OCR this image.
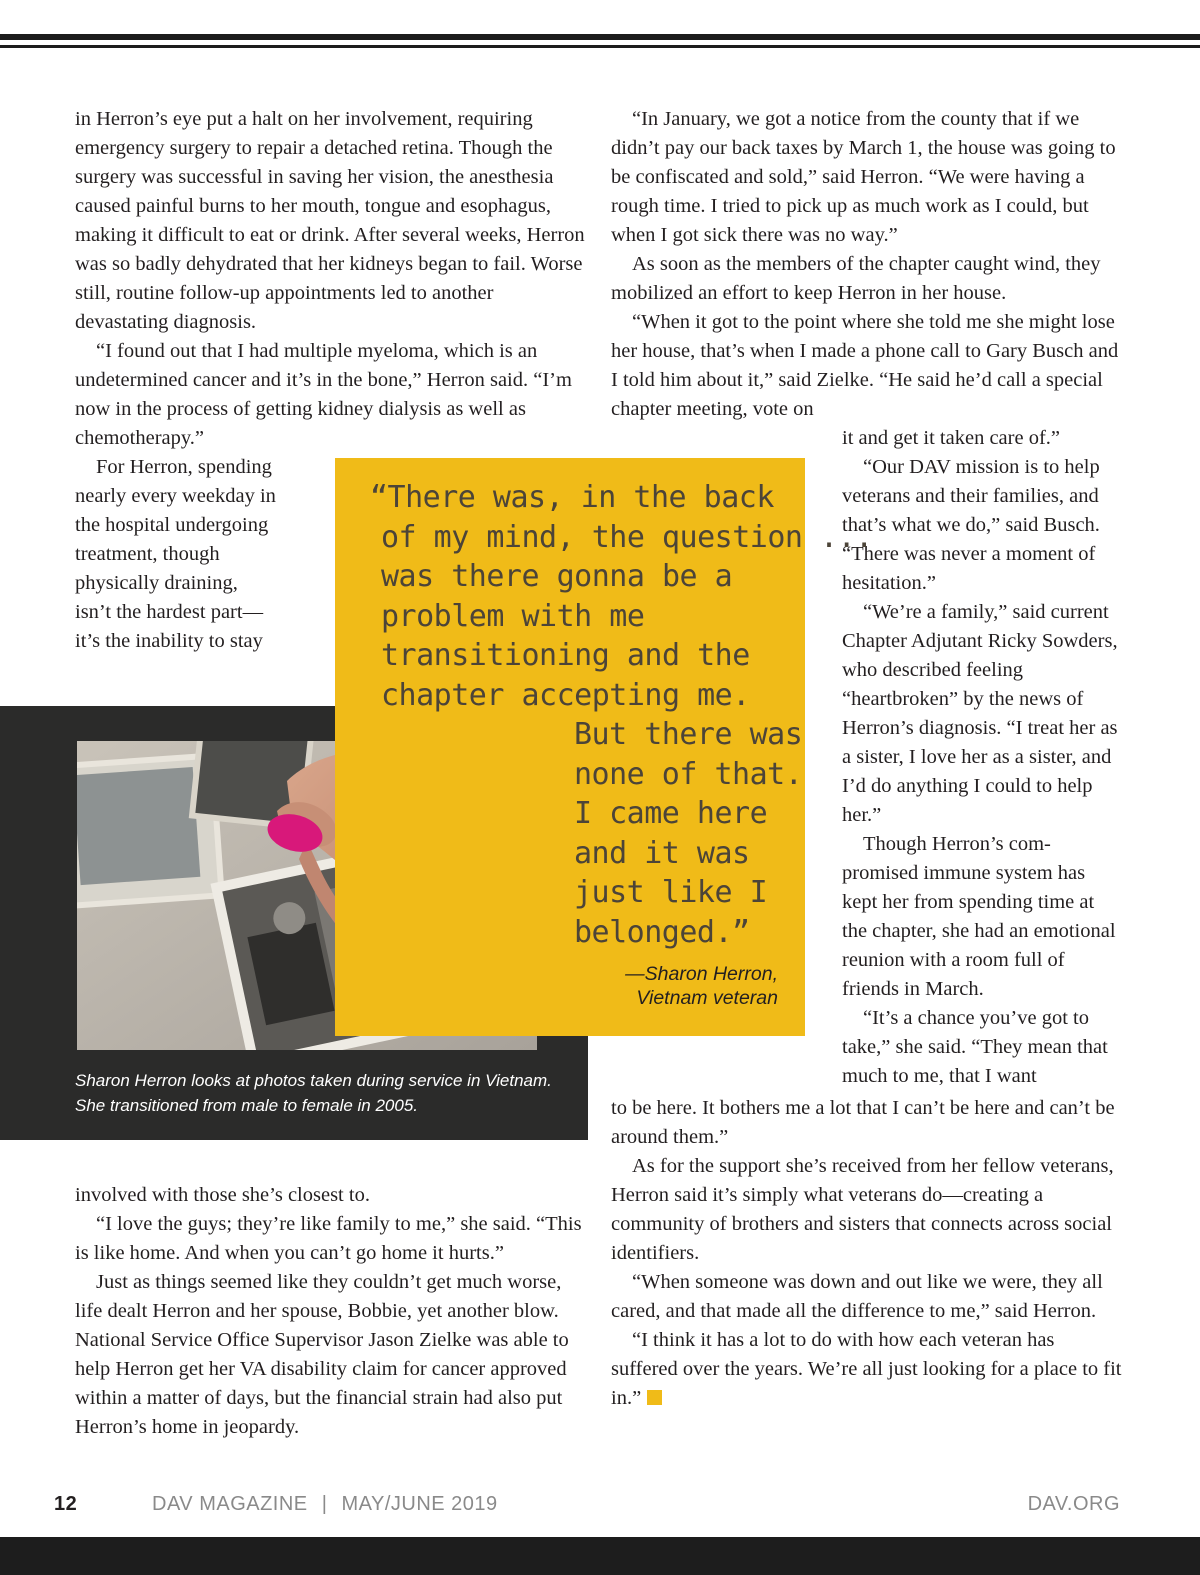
in Herron’s eye put a halt on her involvement, requiring emergency surgery to repair a detached retina. Though the surgery was successful in saving her vision, the anesthesia caused painful burns to her mouth, tongue and esophagus, making it difficult to eat or drink. After several weeks, Herron was so badly dehydrated that her kidneys began to fail. Worse still, routine follow-up appointments led to another devastating diagnosis.

“I found out that I had multiple myeloma, which is an undetermined cancer and it’s in the bone,” Herron said. “I’m now in the process of getting kidney dialysis as well as chemotherapy.”

For Herron, spending
nearly every weekday in
the hospital undergoing
treatment, though
physically draining,
isn’t the hardest part—
it’s the inability to stay

“In January, we got a notice from the county that if we didn’t pay our back taxes by March 1, the house was going to be confiscated and sold,” said Herron. “We were having a rough time. I tried to pick up as much work as I could, but when I got sick there was no way.”

As soon as the members of the chapter caught wind, they mobilized an effort to keep Herron in her house.

“When it got to the point where she told me she might lose her house, that’s when I made a phone call to Gary Busch and I told him about it,” said Zielke. “He said he’d call a special chapter meeting, vote on

it and get it taken care of.”

“Our DAV mission is to help veterans and their families, and that’s what we do,” said Busch. “There was never a moment of hesitation.”

“We’re a family,” said current Chapter Adjutant Ricky Sowders, who described feeling “heartbroken” by the news of Herron’s diagnosis. “I treat her as a sister, I love her as a sister, and I’d do anything I could to help her.”

Though Herron’s com-promised immune system has kept her from spending time at the chapter, she had an emotional reunion with a room full of friends in March.

“It’s a chance you’ve got to take,” she said. “They mean that much to me, that I want

Sharon Herron looks at photos taken during service in Vietnam. She transitioned from male to female in 2005.
“There was, in the back
of my mind, the question ...
was there gonna be a
problem with me
transitioning and the
chapter accepting me.
But there was
none of that.
I came here
and it was
just like I
belonged.”
—Sharon Herron,
Vietnam veteran

to be here. It bothers me a lot that I can’t be here and can’t be around them.”

As for the support she’s received from her fellow veterans, Herron said it’s simply what veterans do—creating a community of brothers and sisters that connects across social identifiers.

“When someone was down and out like we were, they all cared, and that made all the difference to me,” said Herron.

“I think it has a lot to do with how each veteran has suffered over the years. We’re all just looking for a place to fit in.”

involved with those she’s closest to.

“I love the guys; they’re like family to me,” she said. “This is like home. And when you can’t go home it hurts.”

Just as things seemed like they couldn’t get much worse, life dealt Herron and her spouse, Bobbie, yet another blow. National Service Office Supervisor Jason Zielke was able to help Herron get her VA disability claim for cancer approved within a matter of days, but the financial strain had also put Herron’s home in jeopardy.

12	DAV MAGAZINE | MAY/JUNE 2019	DAV.ORG
